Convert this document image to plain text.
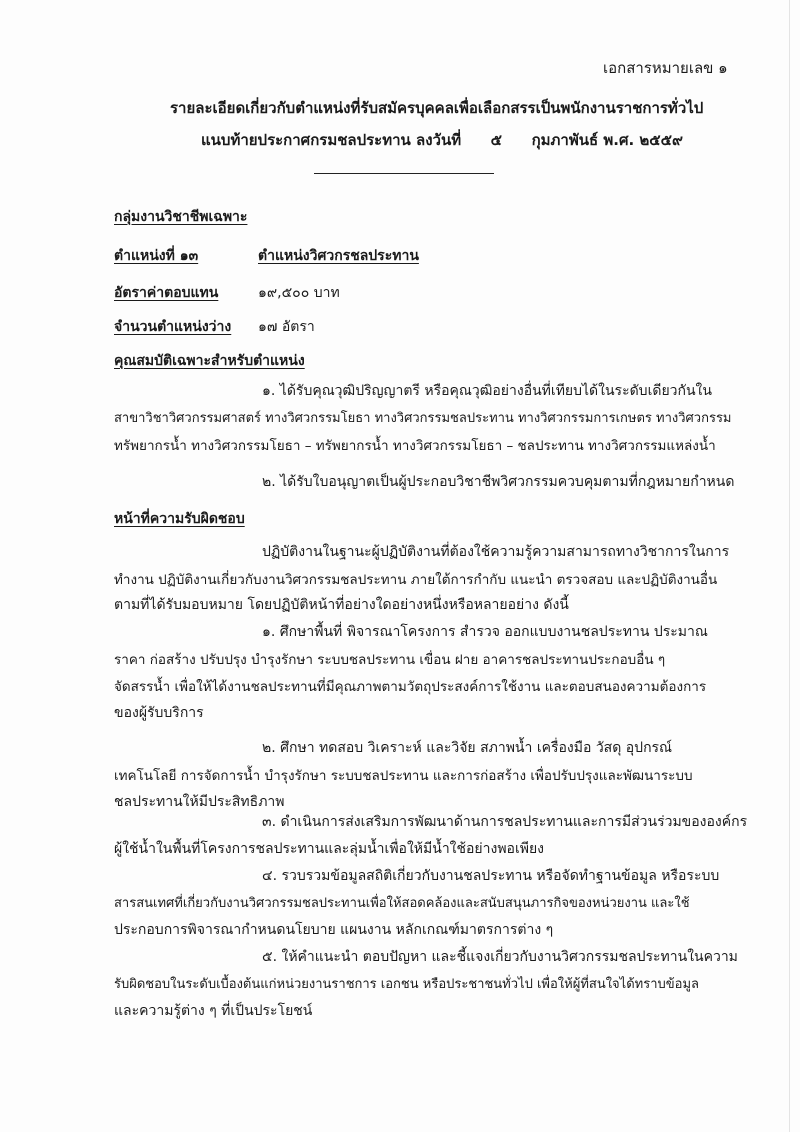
เอกสารหมายเลข ๑
รายละเอียดเกี่ยวกับตำแหน่งที่รับสมัครบุคคลเพื่อเลือกสรรเป็นพนักงานราชการทั่วไป
แนบท้ายประกาศกรมชลประทาน ลงวันที่ ๕ กุมภาพันธ์ พ.ศ. ๒๕๕๙
กลุ่มงานวิชาชีพเฉพาะ
ตำแหน่งที่ ๑๓	ตำแหน่งวิศวกรชลประทาน
อัตราค่าตอบแทน	๑๙,๕๐๐ บาท
จำนวนตำแหน่งว่าง ๑๗ อัตรา
คุณสมบัติเฉพาะสำหรับตำแหน่ง
๑. ได้รับคุณวุฒิปริญญาตรี หรือคุณวุฒิอย่างอื่นที่เทียบได้ในระดับเดียวกันใน
สาขาวิชาวิศวกรรมศาสตร์ ทางวิศวกรรมโยธา ทางวิศวกรรมชลประทาน ทางวิศวกรรมการเกษตร ทางวิศวกรรม
ทรัพยากรน้ำ ทางวิศวกรรมโยธา – ทรัพยากรน้ำ ทางวิศวกรรมโยธา – ชลประทาน ทางวิศวกรรมแหล่งน้ำ
๒. ได้รับใบอนุญาตเป็นผู้ประกอบวิชาชีพวิศวกรรมควบคุมตามที่กฎหมายกำหนด
หน้าที่ความรับผิดชอบ
ปฏิบัติงานในฐานะผู้ปฏิบัติงานที่ต้องใช้ความรู้ความสามารถทางวิชาการในการ
ทำงาน ปฏิบัติงานเกี่ยวกับงานวิศวกรรมชลประทาน ภายใต้การกำกับ แนะนำ ตรวจสอบ และปฏิบัติงานอื่น
ตามที่ได้รับมอบหมาย โดยปฏิบัติหน้าที่อย่างใดอย่างหนึ่งหรือหลายอย่าง ดังนี้
๑. ศึกษาพื้นที่ พิจารณาโครงการ สำรวจ ออกแบบงานชลประทาน ประมาณ
ราคา ก่อสร้าง ปรับปรุง บำรุงรักษา ระบบชลประทาน เขื่อน ฝาย อาคารชลประทานประกอบอื่น ๆ
จัดสรรน้ำ เพื่อให้ได้งานชลประทานที่มีคุณภาพตามวัตถุประสงค์การใช้งาน และตอบสนองความต้องการ
ของผู้รับบริการ
๒. ศึกษา ทดสอบ วิเคราะห์ และวิจัย สภาพน้ำ เครื่องมือ วัสดุ อุปกรณ์
เทคโนโลยี การจัดการน้ำ บำรุงรักษา ระบบชลประทาน และการก่อสร้าง เพื่อปรับปรุงและพัฒนาระบบ
ชลประทานให้มีประสิทธิภาพ
๓. ดำเนินการส่งเสริมการพัฒนาด้านการชลประทานและการมีส่วนร่วมขององค์กร
ผู้ใช้น้ำในพื้นที่โครงการชลประทานและลุ่มน้ำเพื่อให้มีน้ำใช้อย่างพอเพียง
๔. รวบรวมข้อมูลสถิติเกี่ยวกับงานชลประทาน หรือจัดทำฐานข้อมูล หรือระบบ
สารสนเทศที่เกี่ยวกับงานวิศวกรรมชลประทานเพื่อให้สอดคล้องและสนับสนุนภารกิจของหน่วยงาน และใช้
ประกอบการพิจารณากำหนดนโยบาย แผนงาน หลักเกณฑ์มาตรการต่าง ๆ
๕. ให้คำแนะนำ ตอบปัญหา และชี้แจงเกี่ยวกับงานวิศวกรรมชลประทานในความ
รับผิดชอบในระดับเบื้องต้นแก่หน่วยงานราชการ เอกชน หรือประชาชนทั่วไป เพื่อให้ผู้ที่สนใจได้ทราบข้อมูล
และความรู้ต่าง ๆ ที่เป็นประโยชน์
